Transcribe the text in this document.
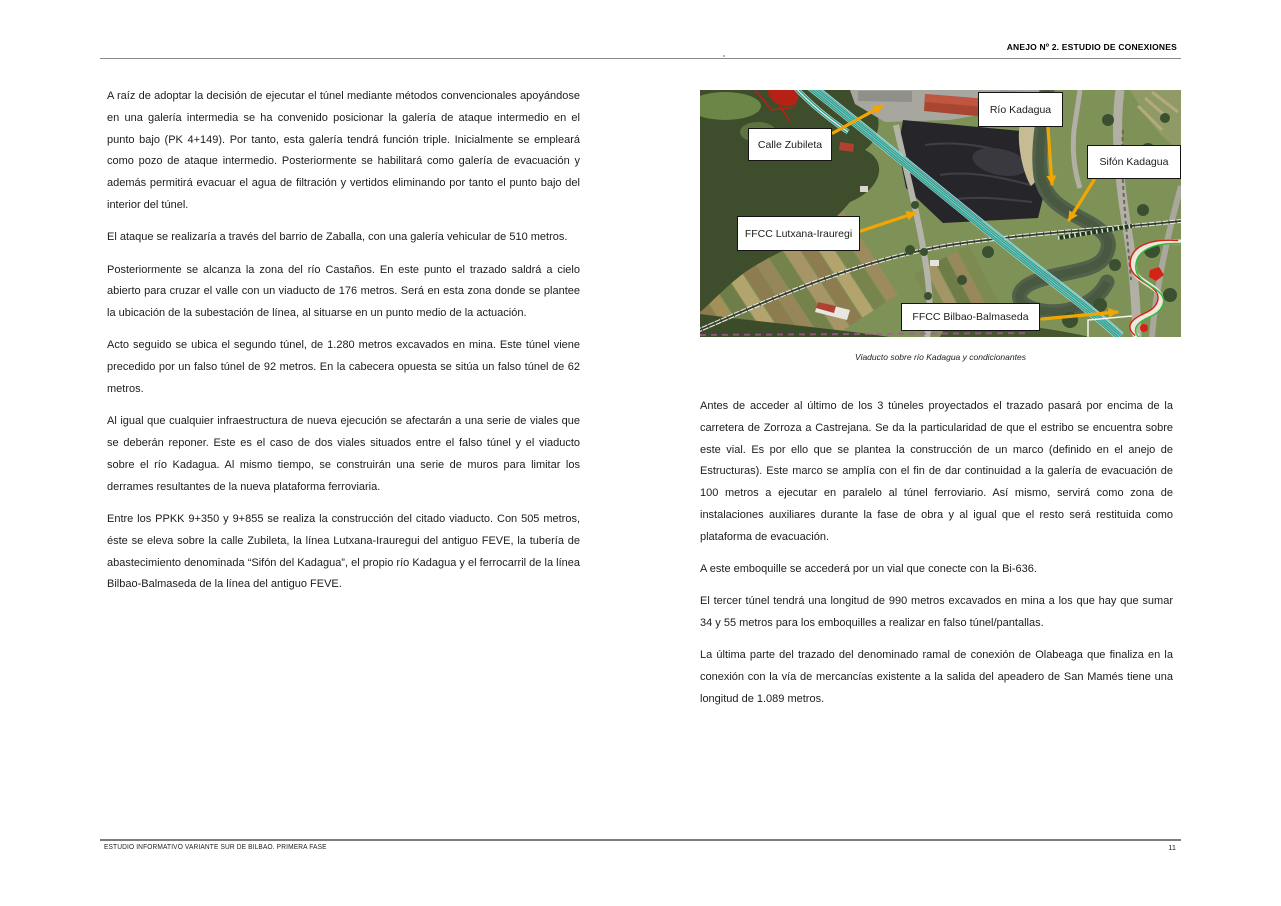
ANEJO Nº 2. ESTUDIO DE CONEXIONES

A raíz de adoptar la decisión de ejecutar el túnel mediante métodos convencionales apoyándose en una galería intermedia se ha convenido posicionar la galería de ataque intermedio en el punto bajo (PK 4+149). Por tanto, esta galería tendrá función triple. Inicialmente se empleará como pozo de ataque intermedio. Posteriormente se habilitará como galería de evacuación y además permitirá evacuar el agua de filtración y vertidos eliminando por tanto el punto bajo del interior del túnel.

El ataque se realizaría a través del barrio de Zaballa, con una galería vehicular de 510 metros.

Posteriormente se alcanza la zona del río Castaños. En este punto el trazado saldrá a cielo abierto para cruzar el valle con un viaducto de 176 metros. Será en esta zona donde se plantee la ubicación de la subestación de línea, al situarse en un punto medio de la actuación.

Acto seguido se ubica el segundo túnel, de 1.280 metros excavados en mina. Este túnel viene precedido por un falso túnel de 92 metros. En la cabecera opuesta se sitúa un falso túnel de 62 metros.

Al igual que cualquier infraestructura de nueva ejecución se afectarán a una serie de viales que se deberán reponer. Este es el caso de dos viales situados entre el falso túnel y el viaducto sobre el río Kadagua. Al mismo tiempo, se construirán una serie de muros para limitar los derrames resultantes de la nueva plataforma ferroviaria.

Entre los PPKK 9+350 y 9+855 se realiza la construcción del citado viaducto. Con 505 metros, éste se eleva sobre la calle Zubileta, la línea Lutxana-Irauregui del antiguo FEVE, la tubería de abastecimiento denominada “Sifón del Kadagua”, el propio río Kadagua y el ferrocarril de la línea Bilbao-Balmaseda de la línea del antiguo FEVE.

Calle Zubileta
Río Kadagua
Sifón Kadagua
FFCC Lutxana-Irauregi
FFCC Bilbao-Balmaseda
Viaducto sobre río Kadagua y condicionantes

Antes de acceder al último de los 3 túneles proyectados el trazado pasará por encima de la carretera de Zorroza a Castrejana. Se da la particularidad de que el estribo se encuentra sobre este vial. Es por ello que se plantea la construcción de un marco (definido en el anejo de Estructuras). Este marco se amplía con el fin de dar continuidad a la galería de evacuación de 100 metros a ejecutar en paralelo al túnel ferroviario. Así mismo, servirá como zona de instalaciones auxiliares durante la fase de obra y al igual que el resto será restituida como plataforma de evacuación.

A este emboquille se accederá por un vial que conecte con la Bi-636.

El tercer túnel tendrá una longitud de 990 metros excavados en mina a los que hay que sumar 34 y 55 metros para los emboquilles a realizar en falso túnel/pantallas.

La última parte del trazado del denominado ramal de conexión de Olabeaga que finaliza en la conexión con la vía de mercancías existente a la salida del apeadero de San Mamés tiene una longitud de 1.089 metros.

ESTUDIO INFORMATIVO VARIANTE SUR DE BILBAO. PRIMERA FASE	11
